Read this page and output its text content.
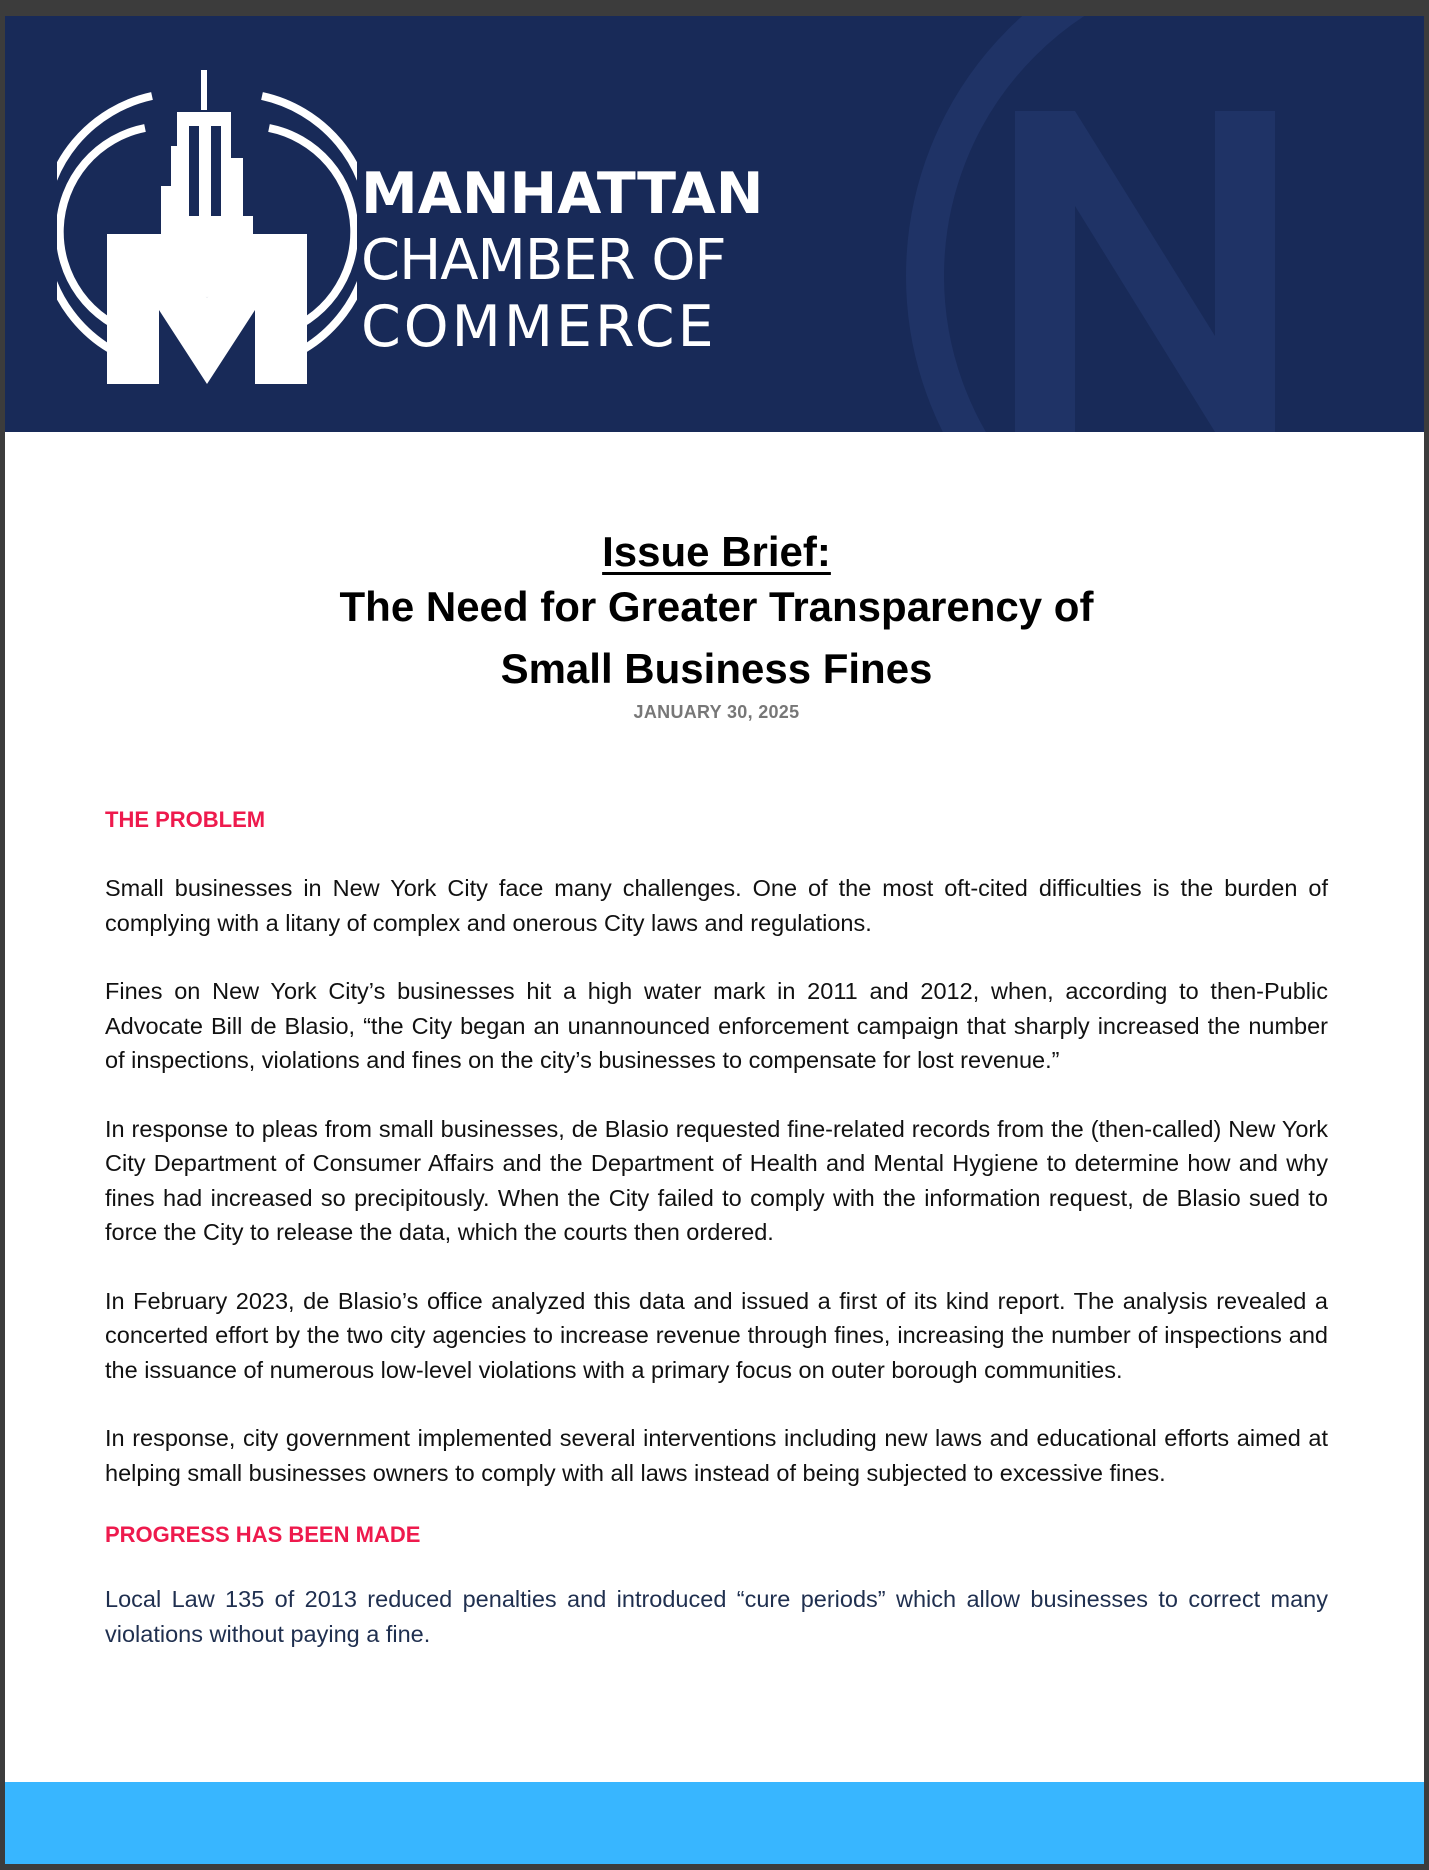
MANHATTAN
CHAMBER OF
COMMERCE
Issue Brief:
The Need for Greater Transparency of
Small Business Fines
JANUARY 30, 2025
THE PROBLEM

Small businesses in New York City face many challenges. One of the most oft-cited difficulties is the burden of complying with a litany of complex and onerous City laws and regulations.

Fines on New York City’s businesses hit a high water mark in 2011 and 2012, when, according to then-Public Advocate Bill de Blasio, “the City began an unannounced enforcement campaign that sharply increased the number of inspections, violations and fines on the city’s businesses to compensate for lost revenue.”

In response to pleas from small businesses, de Blasio requested fine-related records from the (then-called) New York City Department of Consumer Affairs and the Department of Health and Mental Hygiene to determine how and why fines had increased so precipitously. When the City failed to comply with the information request, de Blasio sued to force the City to release the data, which the courts then ordered.

In February 2023, de Blasio’s office analyzed this data and issued a first of its kind report. The analysis revealed a concerted effort by the two city agencies to increase revenue through fines, increasing the number of inspections and the issuance of numerous low-level violations with a primary focus on outer borough communities.

In response, city government implemented several interventions including new laws and educational efforts aimed at helping small businesses owners to comply with all laws instead of being subjected to excessive fines.

PROGRESS HAS BEEN MADE

Local Law 135 of 2013 reduced penalties and introduced “cure periods” which allow businesses to correct many violations without paying a fine.
